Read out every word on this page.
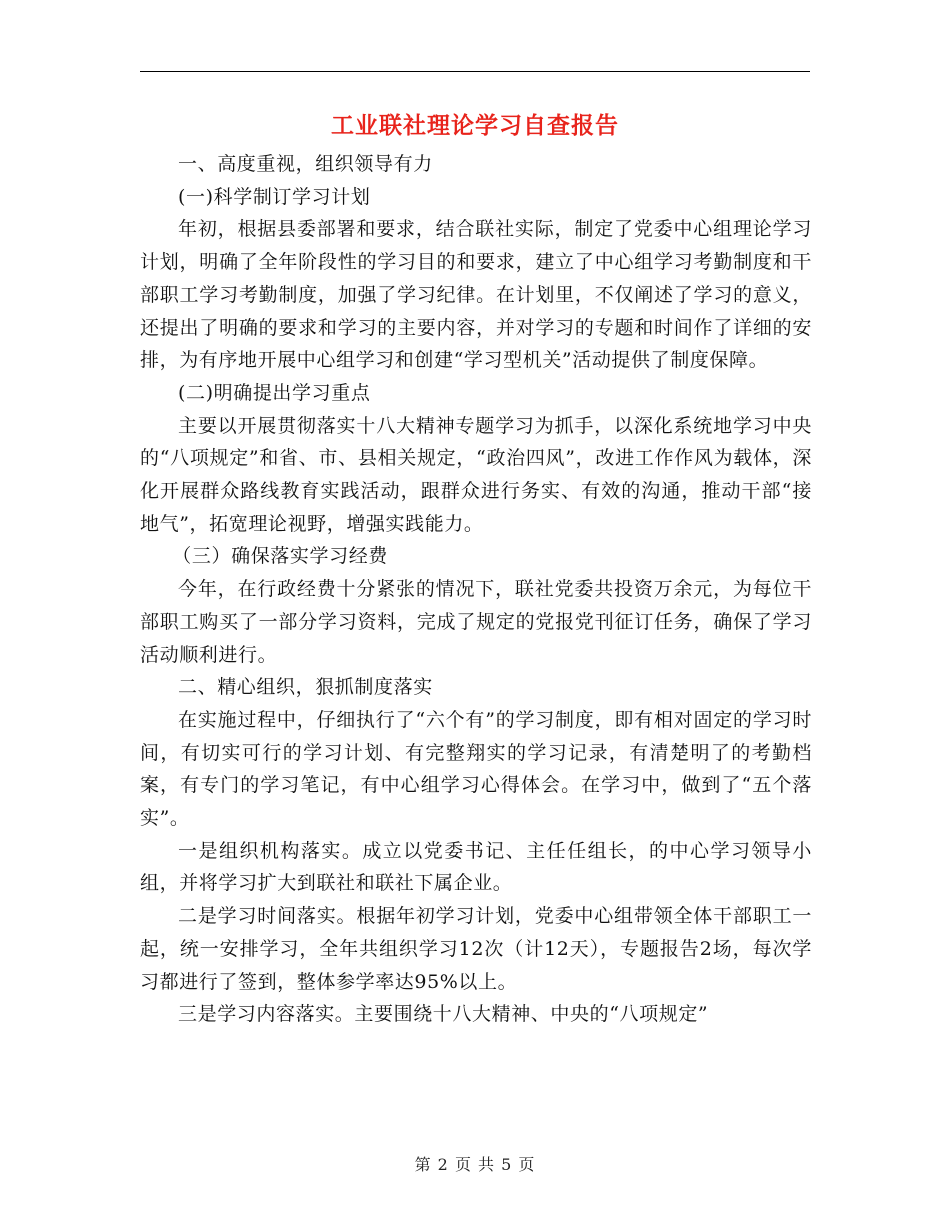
工业联社理论学习自查报告

一、高度重视，组织领导有力

(一)科学制订学习计划

年初，根据县委部署和要求，结合联社实际，制定了党委中心组理论学习计划，明确了全年阶段性的学习目的和要求，建立了中心组学习考勤制度和干部职工学习考勤制度，加强了学习纪律。在计划里，不仅阐述了学习的意义，还提出了明确的要求和学习的主要内容，并对学习的专题和时间作了详细的安排，为有序地开展中心组学习和创建“学习型机关”活动提供了制度保障。

(二)明确提出学习重点

主要以开展贯彻落实十八大精神专题学习为抓手，以深化系统地学习中央的“八项规定”和省、市、县相关规定，“政治四风”，改进工作作风为载体，深化开展群众路线教育实践活动，跟群众进行务实、有效的沟通，推动干部“接地气”，拓宽理论视野，增强实践能力。

（三）确保落实学习经费

今年，在行政经费十分紧张的情况下，联社党委共投资万余元，为每位干部职工购买了一部分学习资料，完成了规定的党报党刊征订任务，确保了学习活动顺利进行。

二、精心组织，狠抓制度落实

在实施过程中，仔细执行了“六个有”的学习制度，即有相对固定的学习时间，有切实可行的学习计划、有完整翔实的学习记录，有清楚明了的考勤档案，有专门的学习笔记，有中心组学习心得体会。在学习中，做到了“五个落实”。

一是组织机构落实。成立以党委书记、主任任组长，的中心学习领导小组，并将学习扩大到联社和联社下属企业。

二是学习时间落实。根据年初学习计划，党委中心组带领全体干部职工一起，统一安排学习，全年共组织学习12次（计12天），专题报告2场，每次学习都进行了签到，整体参学率达95%以上。

三是学习内容落实。主要围绕十八大精神、中央的“八项规定”

第 2 页 共 5 页
